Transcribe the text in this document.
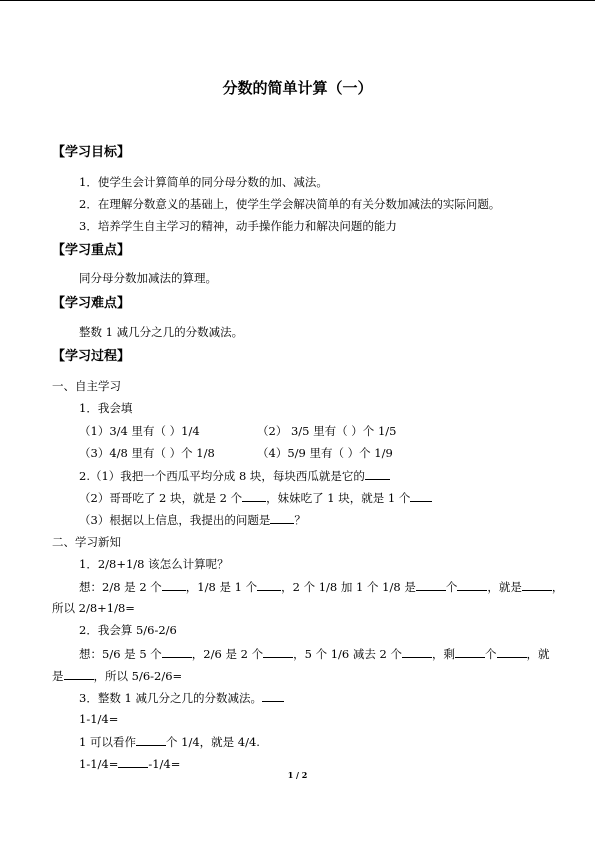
分数的简单计算（一）
【学习目标】
1．使学生会计算简单的同分母分数的加、减法。
2．在理解分数意义的基础上，使学生学会解决简单的有关分数加减法的实际问题。
3．培养学生自主学习的精神，动手操作能力和解决问题的能力
【学习重点】
同分母分数加减法的算理。
【学习难点】
整数 1 减几分之几的分数减法。
【学习过程】
一、自主学习
1．我会填
（1）3/4 里有（ ）1/4	（2） 3/5 里有（ ）个 1/5
（3）4/8 里有（ ）个 1/8	（4）5/9 里有（ ）个 1/9
2.（1）我把一个西瓜平均分成 8 块，每块西瓜就是它的
（2）哥哥吃了 2 块，就是 2 个 ，妹妹吃了 1 块，就是 1 个
（3）根据以上信息，我提出的问题是 ？
二、学习新知
1．2/8+1/8 该怎么计算呢？
想：2/8 是 2 个 ，1/8 是 1 个 ，2 个 1/8 加 1 个 1/8 是	个	，就是	，
所以 2/8+1/8=
2．我会算 5/6-2/6
想：5/6 是 5 个	，2/6 是 2 个	，5 个 1/6 减去 2 个	，剩	个	，就
是	，所以 5/6-2/6=
3．整数 1 减几分之几的分数减法。
1-1/4=
1 可以看作	个 1/4，就是 4/4.
1-1/4=	-1/4=
1 / 2
